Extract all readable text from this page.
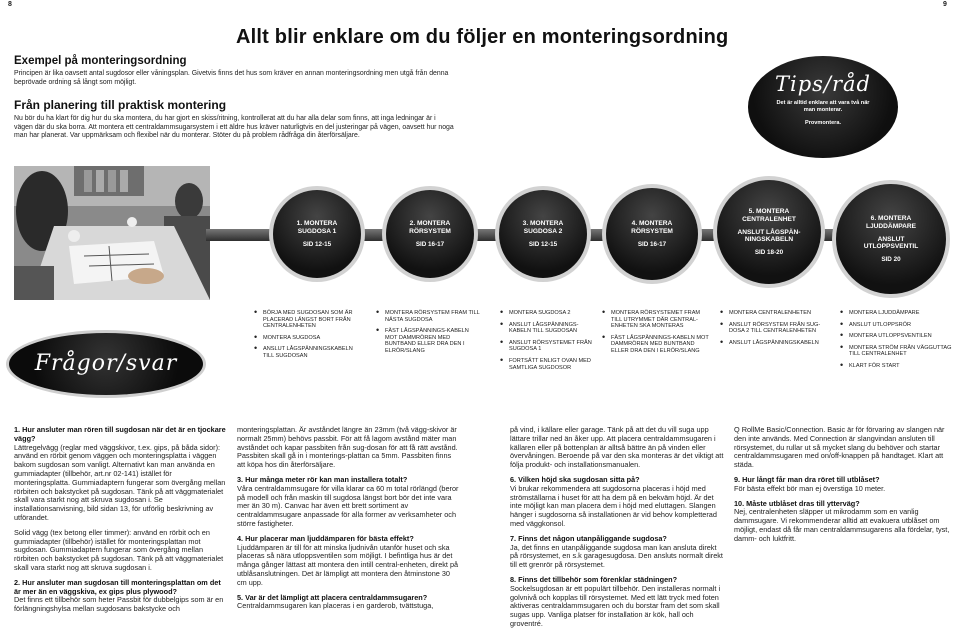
8	9
Allt blir enklare om du följer en monteringsordning
Exempel på monteringsordning
Principen är lika oavsett antal sugdosor eller våningsplan. Givetvis finns det hus som kräver en annan monteringsordning men utgå från denna beprövade ordning så långt som möjligt.
Från planering till praktisk montering
Nu bör du ha klart för dig hur du ska montera, du har gjort en skiss/ritning, kontrollerat att du har alla delar som finns, att inga ledningar är i vägen där du ska borra. Att montera ett centraldammsugarsystem i ett äldre hus kräver naturligtvis en del justeringar på vägen, oavsett hur noga man har planerat. Var uppmärksam och flexibel när du monterar. Stöter du på problem rådfråga din återförsäljare.
Tips/råd
Det är alltid enklare att vara två när man monterar.
Provmontera.
1. MONTERA SUGDOSA 1
SID 12-15
2. MONTERA RÖRSYSTEM
SID 16-17
3. MONTERA SUGDOSA 2
SID 12-15
4. MONTERA RÖRSYSTEM
SID 16-17
5. MONTERA CENTRALENHET
ANSLUT LÅGSPÄN-NINGSKABELN
SID 18-20
6. MONTERA LJUDDÄMPARE
ANSLUT UTLOPPSVENTIL
SID 20
• BÖRJA MED SUGDOSAN SOM ÄR PLACERAD LÄNGST BORT FRÅN CENTRALENHETEN
• MONTERA SUGDOSA
• ANSLUT LÅGSPÄNNINGSKABELN TILL SUGDOSAN
• MONTERA RÖRSYSTEM FRAM TILL NÄSTA SUGDOSA
• FÄST LÅGSPÄNNINGS-KABELN MOT DAMMRÖREN MED BUNTBAND ELLER DRA DEN I ELRÖR/SLANG
• MONTERA SUGDOSA 2
• ANSLUT LÅGSPÄNNINGS-KABELN TILL SUGDOSAN
• ANSLUT RÖRSYSTEMET FRÅN SUGDOSA 1
• FORTSÄTT ENLIGT OVAN MED SAMTLIGA SUGDOSOR
• MONTERA RÖRSYSTEMET FRAM TILL UTRYMMET DÄR CENTRAL-ENHETEN SKA MONTERAS
• FÄST LÅGSPÄNNINGS-KABELN MOT DAMMRÖREN MED BUNTBAND ELLER DRA DEN I ELRÖR/SLANG
• MONTERA CENTRALENHETEN
• ANSLUT RÖRSYSTEM FRÅN SUG-DOSA 2 TILL CENTRALENHETEN
• ANSLUT LÅGSPÄNNINGSKABELN
• MONTERA LJUDDÄMPARE
• ANSLUT UTLOPPSRÖR
• MONTERA UTLOPPSVENTILEN
• MONTERA STRÖM FRÅN VÄGGUTTAG TILL CENTRALENHET
• KLART FÖR START
Frågor/svar

1. Hur ansluter man rören till sugdosan när det är en tjockare vägg?
Lättregelvägg (reglar med väggskivor, t.ex. gips, på båda sidor): använd en rörbit genom väggen och monteringsplatta i väggen bakom sugdosan som vanligt. Alternativt kan man använda en gummiadapter (tillbehör, art.nr 02-141) istället för monteringsplatta. Gummiadaptern fungerar som övergång mellan rörbiten och bakstycket på sugdosan. Tänk på att väggmaterialet skall vara starkt nog att skruva sugdosan i. Se installationsanvisning, bild sidan 13, för utförlig beskrivning av utförandet.

Solid vägg (tex betong eller timmer): använd en rörbit och en gummiadapter (tillbehör) istället för monteringsplattan mot sugdosan. Gummiadaptern fungerar som övergång mellan rörbiten och bakstycket på sugdosan. Tänk på att väggmaterialet skall vara starkt nog att skruva sugdosan i.

2. Hur ansluter man sugdosan till monteringsplattan om det är mer än en väggskiva, ex gips plus plywood?
Det finns ett tillbehör som heter Passbit för dubbelgips som är en förlängningshylsa mellan sugdosans bakstycke och

monteringsplattan. Är avståndet längre än 23mm (två vägg-skivor är normalt 25mm) behövs passbit. För att få lagom avstånd mäter man avståndet och kapar passbiten från sug-dosan för att få rätt avstånd. Passbiten skall gå in i monterings-plattan ca 5mm. Passbiten finns att köpa hos din återförsäljare.

3. Hur många meter rör kan man installera totalt?
Våra centraldammsugare för villa klarar ca 60 m total rörlängd (beror på modell och från maskin till sugdosa längst bort bör det inte vara mer än 30 m). Canvac har även ett brett sortiment av centraldammsugare anpassade för alla former av verksamheter och större fastigheter.

4. Hur placerar man ljuddämparen för bästa effekt?
Ljuddämparen är till för att minska ljudnivån utanför huset och ska placeras så nära utloppsventilen som möjligt. I befintliga hus är det många gånger lättast att montera den intill central-enheten, direkt på utblåsanslutningen. Det är lämpligt att montera den åtminstone 30 cm upp.

5. Var är det lämpligt att placera centraldammsugaren?
Centraldammsugaren kan placeras i en garderob, tvättstuga,

på vind, i källare eller garage. Tänk på att det du vill suga upp lättare trillar ned än åker upp. Att placera centraldammsugaren i källaren eller på bottenplan är alltså bättre än på vinden eller övervåningen. Beroende på var den ska monteras är det viktigt att följa produkt- och installationsmanualen.

6. Vilken höjd ska sugdosan sitta på?
Vi brukar rekommendera att sugdosorna placeras i höjd med strömställarna i huset för att ha dem på en bekväm höjd. Är det inte möjligt kan man placera dem i höjd med eluttagen. Slangen hänger i sugdosorna så installationen är vid behov kompletterad med väggkonsol.

7. Finns det någon utanpåliggande sugdosa?
Ja, det finns en utanpåliggande sugdosa man kan ansluta direkt på rörsystemet, en s.k garagesugdosa. Den ansluts normalt direkt till ett grenrör på rörsystemet.

8. Finns det tillbehör som förenklar städningen?
Sockelsugdosan är ett populärt tillbehör. Den installeras normalt i golvnivå och kopplas till rörsystemet. Med ett lätt tryck med foten aktiveras centraldammsugaren och du borstar fram det som skall sugas upp. Vanliga platser för installation är kök, hall och groventré.

Q RollMe Basic/Connection. Basic är för förvaring av slangen när den inte används. Med Connection är slangvindan ansluten till rörsystemet, du rullar ut så mycket slang du behöver och startar centraldammsugaren med on/off-knappen på handtaget. Klart att städa.

9. Hur långt får man dra röret till utblåset?
För bästa effekt bör man ej överstiga 10 meter.

10. Måste utblåset dras till ytterväg?
Nej, centralenheten släpper ut mikrodamm som en vanlig dammsugare. Vi rekommenderar alltid att evakuera utblåset om möjligt, endast då får man centraldammsugarens alla fördelar, tyst, damm- och luktfritt.
